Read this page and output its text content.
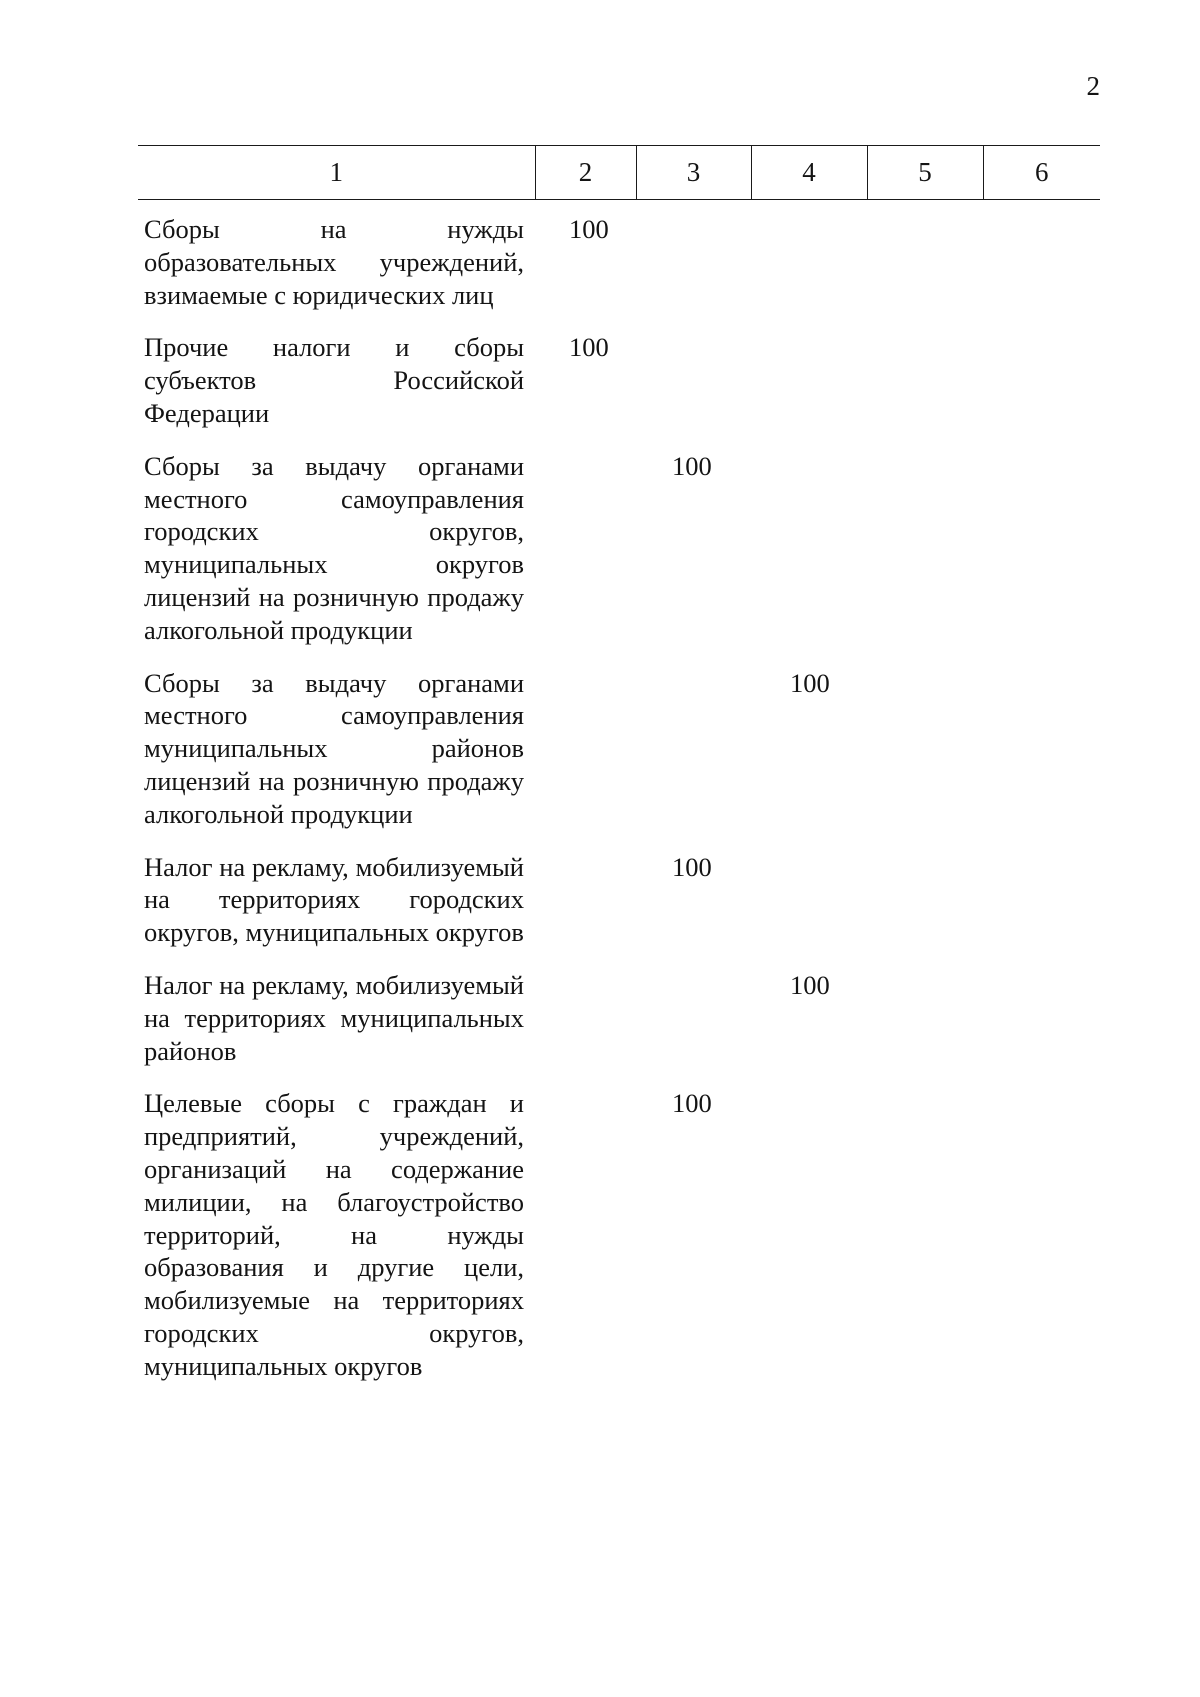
2
1	2	3	4	5	6

Сборы на нужды образовательных учреждений, взимаемые с юридических лиц	100				

Прочие налоги и сборы субъектов Российской Федерации	100				

Сборы за выдачу органами местного самоуправления городских округов, муниципальных округов лицензий на розничную продажу алкогольной продукции		100			

Сборы за выдачу органами местного самоуправления муниципальных районов лицензий на розничную продажу алкогольной продукции			100		

Налог на рекламу, мобилизуемый на территориях городских округов, муниципальных округов		100			

Налог на рекламу, мобилизуемый на территориях муниципальных районов			100		

Целевые сборы с граждан и предприятий, учреждений, организаций на содержание милиции, на благоустройство территорий, на нужды образования и другие цели, мобилизуемые на территориях городских округов, муниципальных округов		100			
